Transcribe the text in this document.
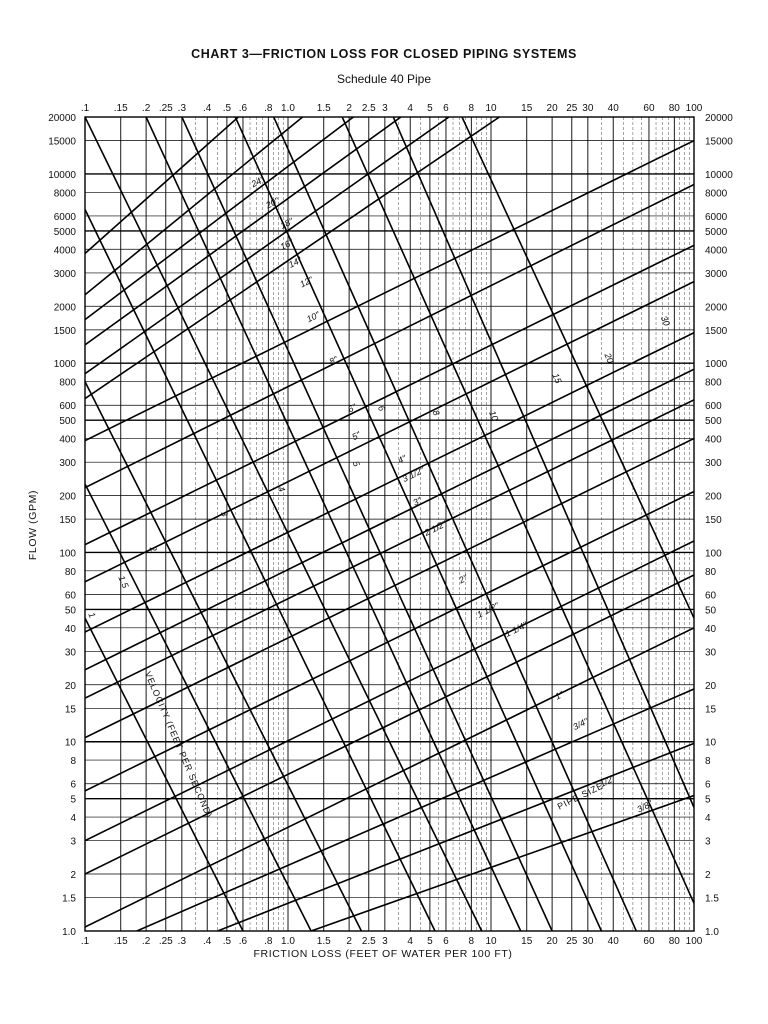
CHART 3—FRICTION LOSS FOR CLOSED PIPING SYSTEMS
Schedule 40 Pipe
.1
.1
.15
.15
.2
.2
.25
.25
.3
.3
.4
.4
.5
.5
.6
.6
.8
.8
1.0
1.0
1.5
1.5
2
2
2.5
2.5
3
3
4
4
5
5
6
6
8
8
10
10
15
15
20
20
25
25
30
30
40
40
60
60
80
80
100
100
20000	20000
15000	15000
10000	10000
8000	8000
6000	6000
5000	5000
4000	4000
3000	3000
2000	2000
1500	1500
1000	1000
800	800
600	600
500	500
400	400
300	300
200	200
150	150
100	100
80	80
60	60
50	50
40	40
30	30
20	20
15	15
10	10
8	8
6	6
5	5
4	4
3	3
2	2
1.5	1.5
1.0	1.0
24"
20"
18"
16"
14"
12"
10"
8"
6"
5"
4"
3 1/2"
3"
2 1/2"
2"
1 1/2"
1 1/4"
1"
3/4"
1/2"
3/8"
1
1.5
2
3
4
5
6
8	10
15
20
30
VELOCITY (FEET PER SECOND)	PIPE SIZE
FRICTION LOSS (FEET OF WATER PER 100 FT)
FLOW (GPM)
